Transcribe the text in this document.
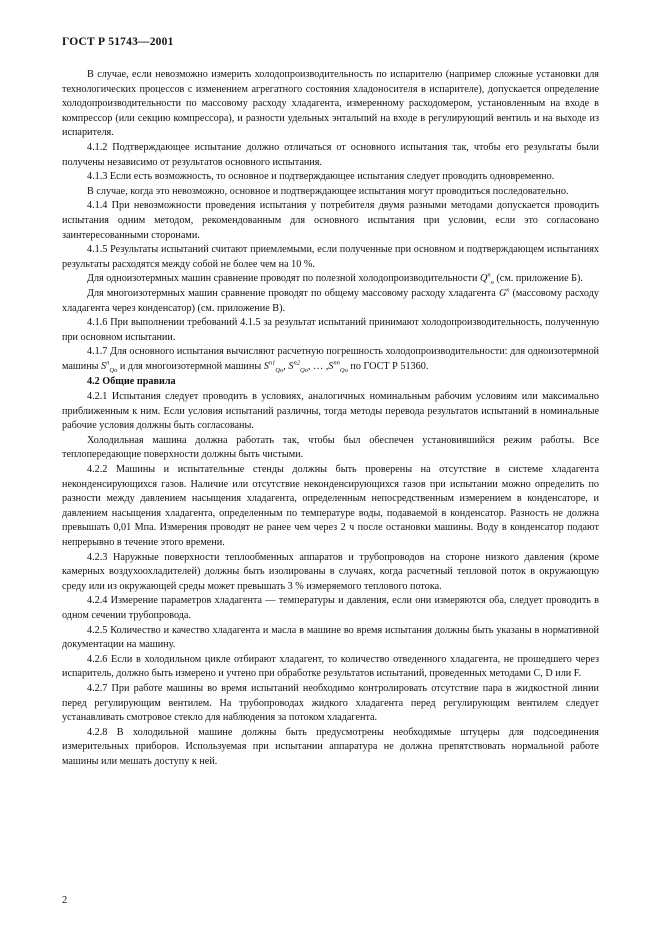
ГОСТ Р 51743—2001

В случае, если невозможно измерить холодопроизводительность по испарителю (например сложные установки для технологических процессов с изменением агрегатного состояния хладоносителя в испарителе), допускается определение холодопроизводительности по массовому расходу хладагента, измеренному расходомером, установленным на входе в компрессор (или секцию компрессора), и разности удельных энтальпий на входе в регулирующий вентиль и на выходе из испарителя.

4.1.2 Подтверждающее испытание должно отличаться от основного испытания так, чтобы его результаты были получены независимо от результатов основного испытания.

4.1.3 Если есть возможность, то основное и подтверждающее испытания следует проводить одновременно.

В случае, когда это невозможно, основное и подтверждающее испытания могут проводиться последовательно.

4.1.4 При невозможности проведения испытания у потребителя двумя разными методами допускается проводить испытания одним методом, рекомендованным для основного испытания при условии, если это согласовано заинтересованными сторонами.

4.1.5 Результаты испытаний считают приемлемыми, если полученные при основном и подтверждающем испытаниях результаты расходятся между собой не более чем на 10 %.

Для одноизотермных машин сравнение проводят по полезной холодопроизводительности $Q^п_о$ (см. приложение Б).

Для многоизотермных машин сравнение проводят по общему массовому расходу хладагента $G^к$ (массовому расходу хладагента через конденсатор) (см. приложение В).

4.1.6 При выполнении требований 4.1.5 за результат испытаний принимают холодопроизводительность, полученную при основном испытании.

4.1.7 Для основного испытания вычисляют расчетную погрешность холодопроизводительности: для одноизотермной машины $S^п_{Qо}$ и для многоизотермной машины $S^{п1}_{Qо}$, $S^{п2}_{Qо}$, … $,S^{пn}_{Qо}$ по ГОСТ Р 51360.

4.2 Общие правила

4.2.1 Испытания следует проводить в условиях, аналогичных номинальным рабочим условиям или максимально приближенным к ним. Если условия испытаний различны, тогда методы перевода результатов испытаний в номинальные рабочие условия должны быть согласованы.

Холодильная машина должна работать так, чтобы был обеспечен установившийся режим работы. Все теплопередающие поверхности должны быть чистыми.

4.2.2 Машины и испытательные стенды должны быть проверены на отсутствие в системе хладагента неконденсирующихся газов. Наличие или отсутствие неконденсирующихся газов при испытании можно определить по разности между давлением насыщения хладагента, определенным непосредственным измерением в конденсаторе, и давлением насыщения хладагента, определенным по температуре воды, подаваемой в конденсатор. Разность не должна превышать 0,01 Мпа. Измерения проводят не ранее чем через 2 ч после остановки машины. Воду в конденсатор подают непрерывно в течение этого времени.

4.2.3 Наружные поверхности теплообменных аппаратов и трубопроводов на стороне низкого давления (кроме камерных воздухоохладителей) должны быть изолированы в случаях, когда расчетный тепловой поток в окружающую среду или из окружающей среды может превышать 3 % измеряемого теплового потока.

4.2.4 Измерение параметров хладагента — температуры и давления, если они измеряются оба, следует проводить в одном сечении трубопровода.

4.2.5 Количество и качество хладагента и масла в машине во время испытания должны быть указаны в нормативной документации на машину.

4.2.6 Если в холодильном цикле отбирают хладагент, то количество отведенного хладагента, не прошедшего через испаритель, должно быть измерено и учтено при обработке результатов испытаний, проведенных методами C, D или F.

4.2.7 При работе машины во время испытаний необходимо контролировать отсутствие пара в жидкостной линии перед регулирующим вентилем. На трубопроводах жидкого хладагента перед регулирующим вентилем следует устанавливать смотровое стекло для наблюдения за потоком хладагента.

4.2.8 В холодильной машине должны быть предусмотрены необходимые штуцеры для подсоединения измерительных приборов. Используемая при испытании аппаратура не должна препятствовать нормальной работе машины или мешать доступу к ней.

2
